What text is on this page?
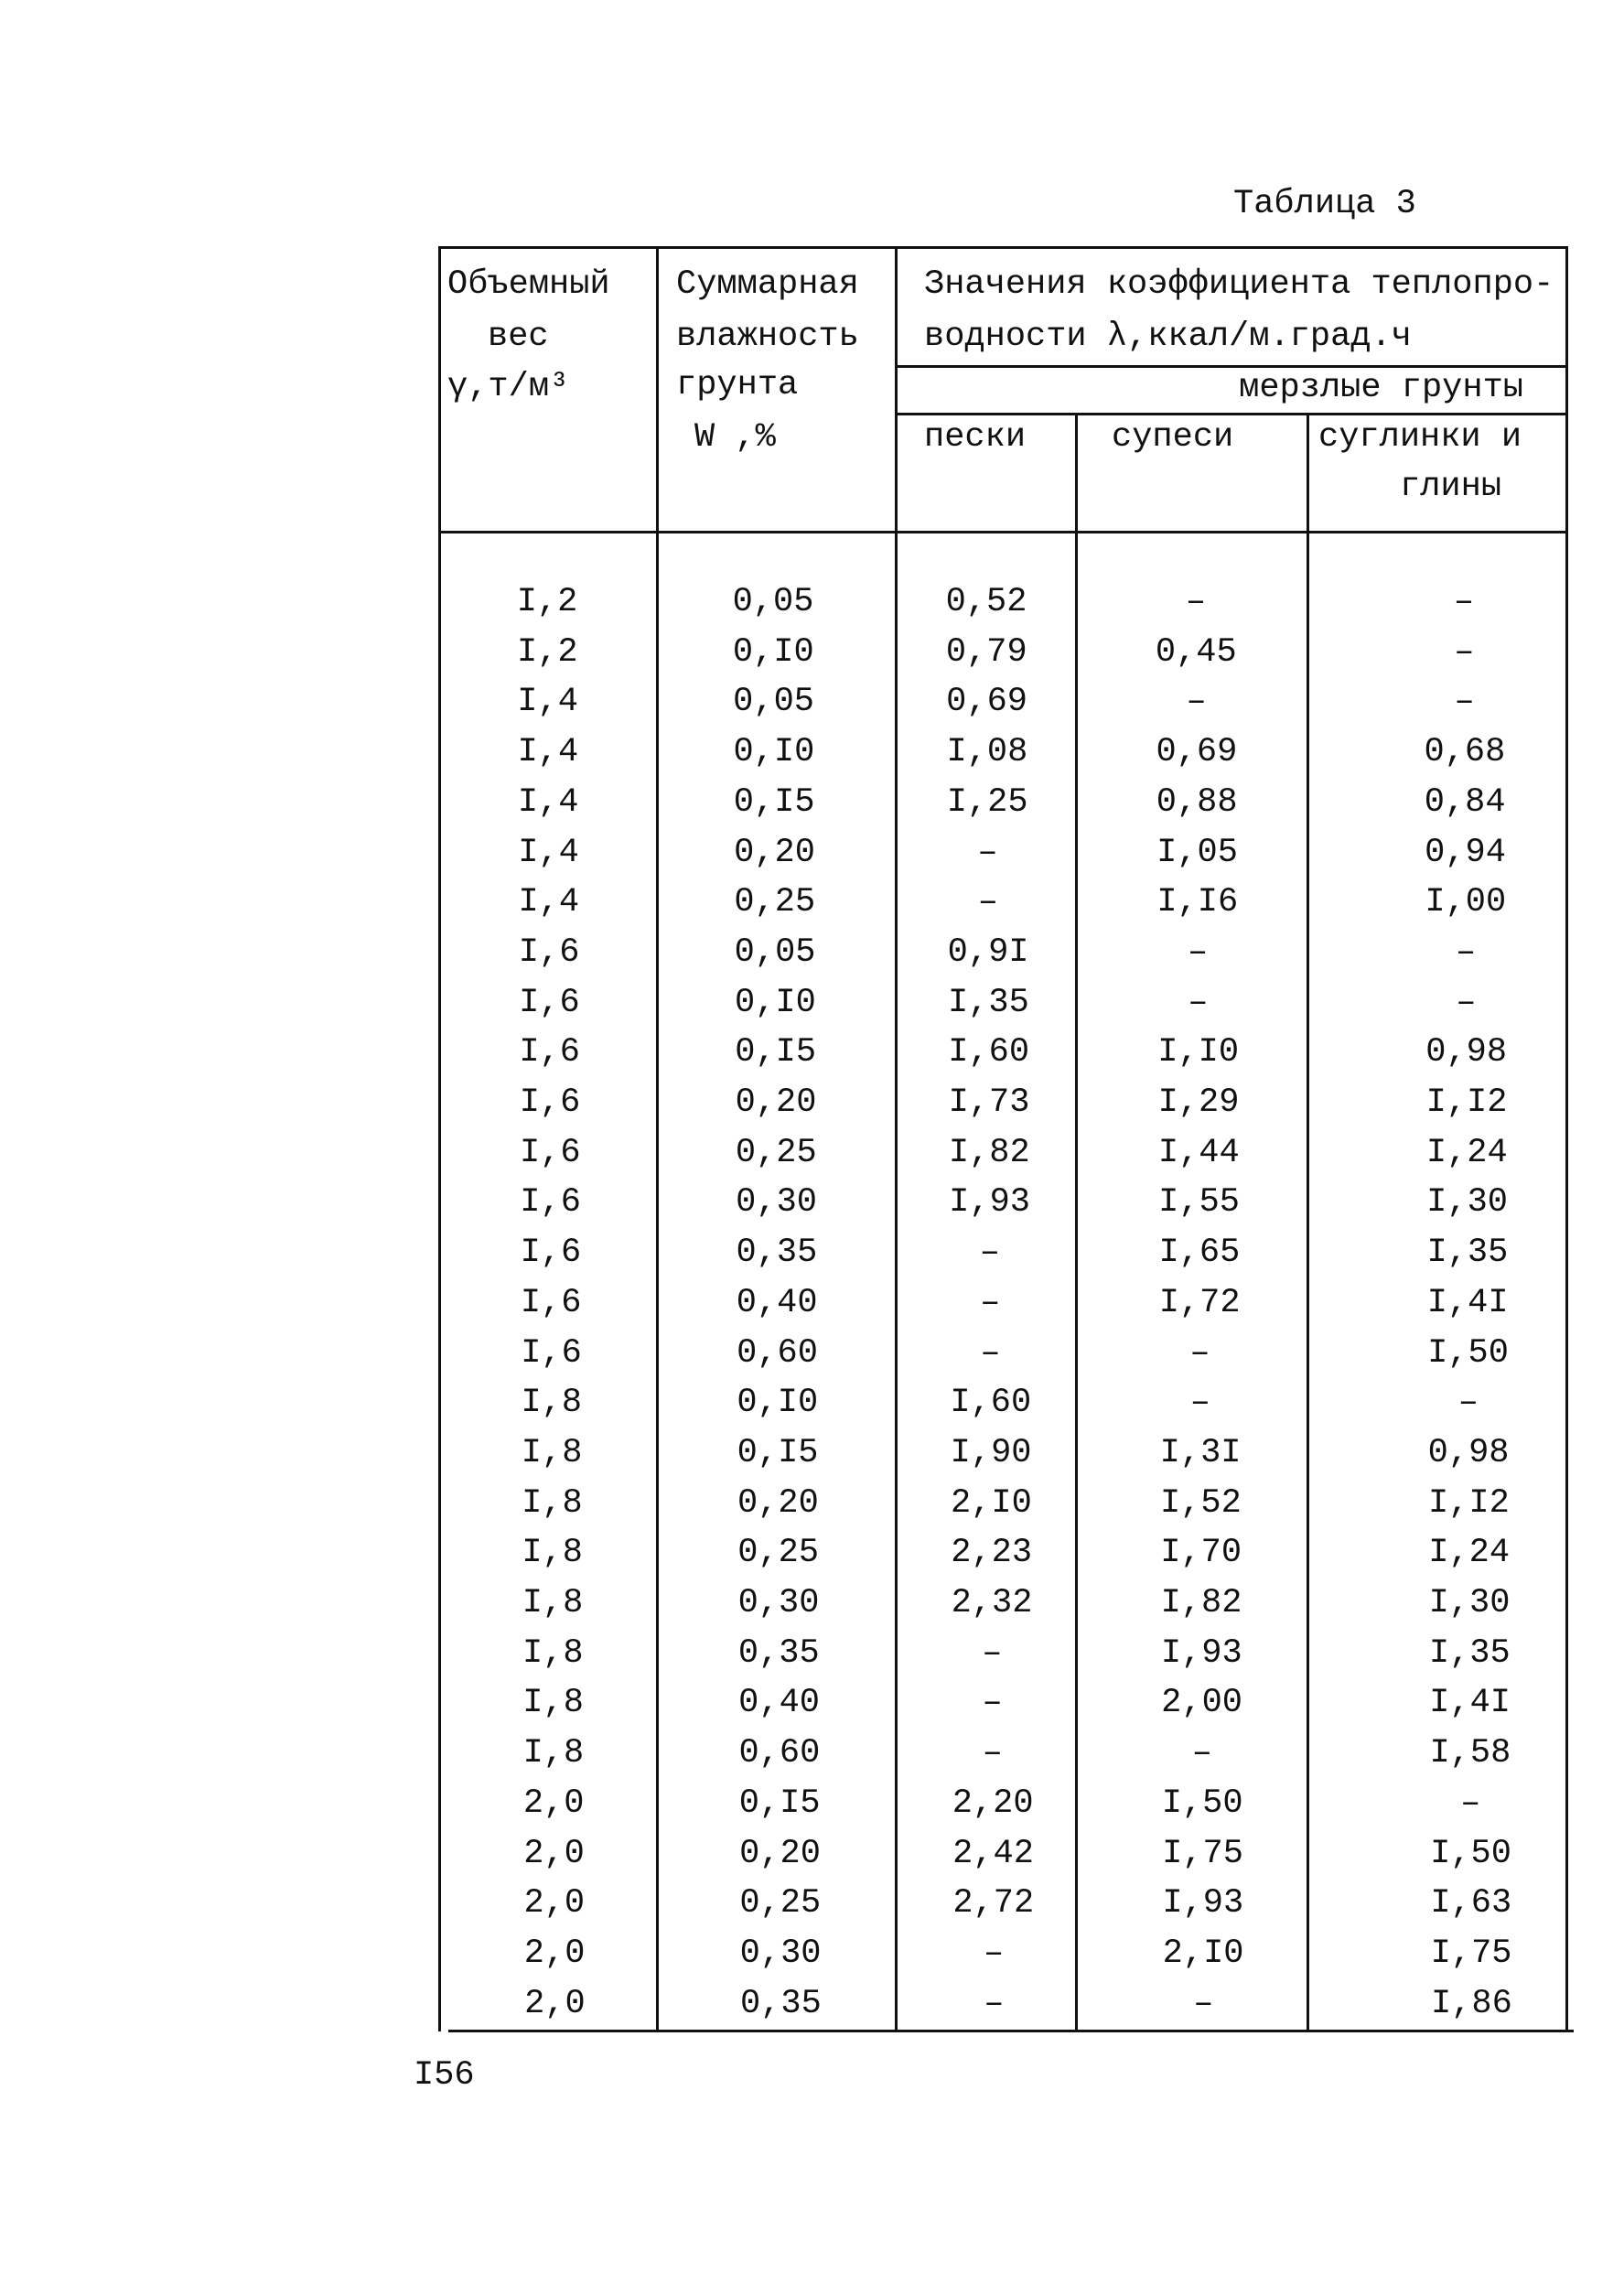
Таблица 3
Объемный
вес
γ,т/м³
Суммарная
влажность
грунта
W ,%
Значения коэффициента теплопро-
водности λ,ккал/м.град.ч
мерзлые грунты
пески	супеси	суглинки и
глины
I,2	0,05	0,52	–	–
I,2	0,I0	0,79	0,45	–
I,4	0,05	0,69	–	–
I,4	0,I0	I,08	0,69	0,68
I,4	0,I5	I,25	0,88	0,84
I,4	0,20	–	I,05	0,94
I,4	0,25	–	I,I6	I,00
I,6	0,05	0,9I	–	–
I,6	0,I0	I,35	–	–
I,6	0,I5	I,60	I,I0	0,98
I,6	0,20	I,73	I,29	I,I2
I,6	0,25	I,82	I,44	I,24
I,6	0,30	I,93	I,55	I,30
I,6	0,35	–	I,65	I,35
I,6	0,40	–	I,72	I,4I
I,6	0,60	–	–	I,50
I,8	0,I0	I,60	–	–
I,8	0,I5	I,90	I,3I	0,98
I,8	0,20	2,I0	I,52	I,I2
I,8	0,25	2,23	I,70	I,24
I,8	0,30	2,32	I,82	I,30
I,8	0,35	–	I,93	I,35
I,8	0,40	–	2,00	I,4I
I,8	0,60	–	–	I,58
2,0	0,I5	2,20	I,50	–
2,0	0,20	2,42	I,75	I,50
2,0	0,25	2,72	I,93	I,63
2,0	0,30	–	2,I0	I,75
2,0	0,35	–	–	I,86
I56
